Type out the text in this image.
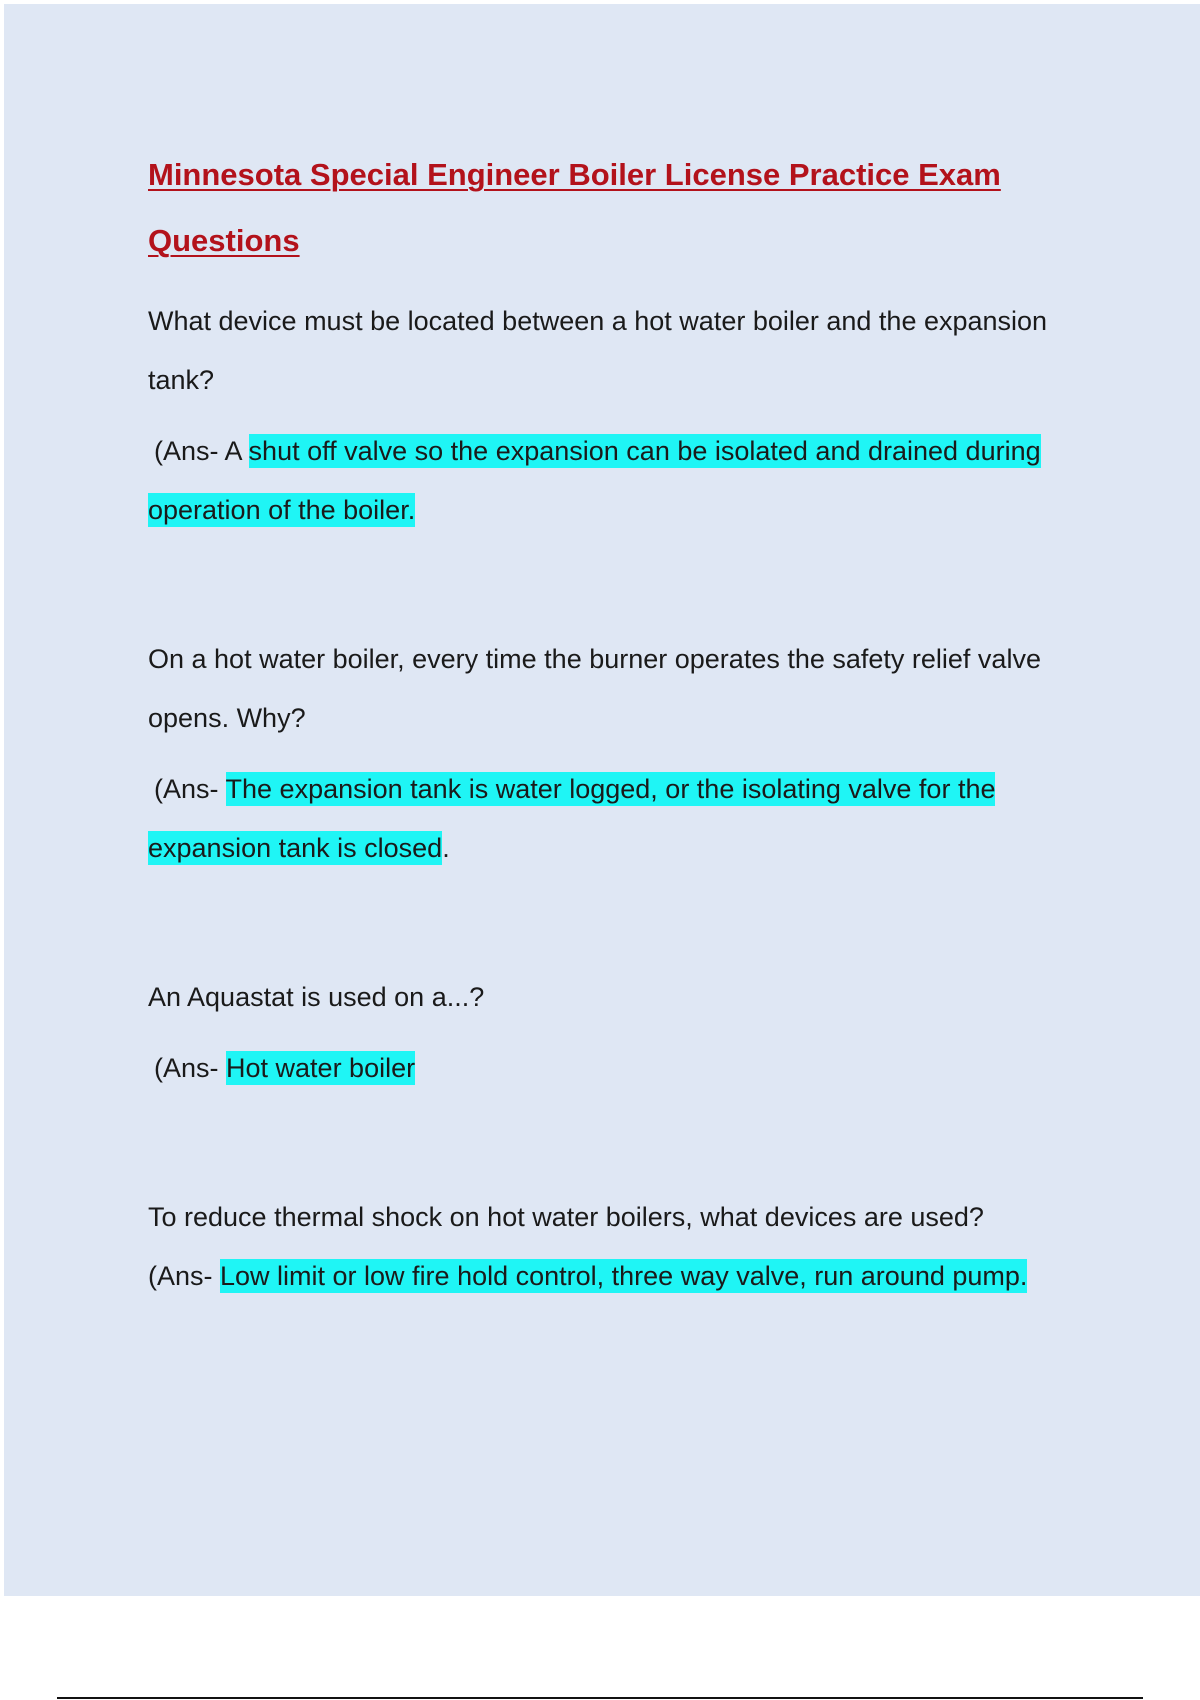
Minnesota Special Engineer Boiler License Practice Exam Questions

What device must be located between a hot water boiler and the expansion tank?

(Ans- A shut off valve so the expansion can be isolated and drained during operation of the boiler.

On a hot water boiler, every time the burner operates the safety relief valve opens. Why?

(Ans- The expansion tank is water logged, or the isolating valve for the expansion tank is closed.

An Aquastat is used on a...?

(Ans- Hot water boiler

To reduce thermal shock on hot water boilers, what devices are used?

(Ans- Low limit or low fire hold control, three way valve, run around pump.
